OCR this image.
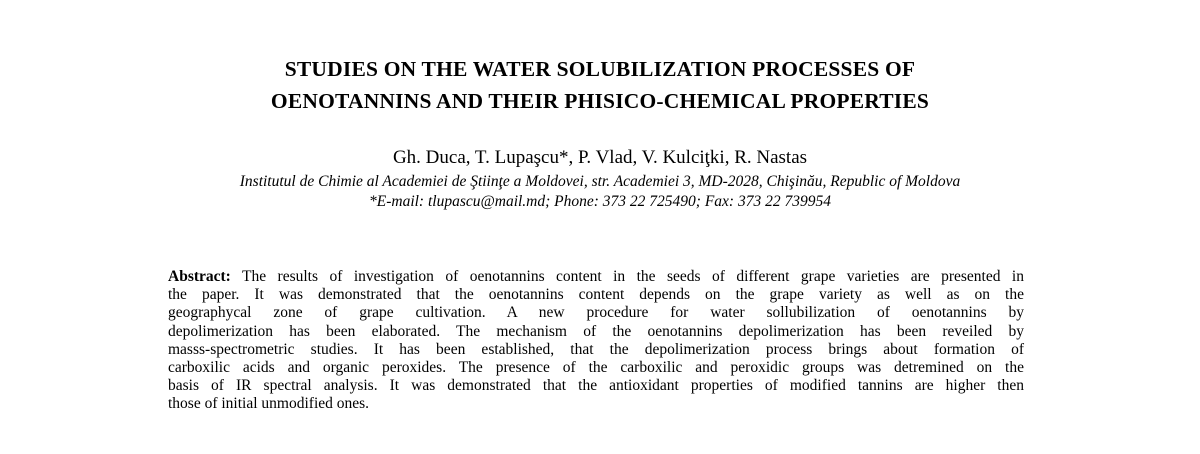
STUDIES ON THE WATER SOLUBILIZATION PROCESSES OF
OENOTANNINS AND THEIR PHISICO-CHEMICAL PROPERTIES
Gh. Duca, T. Lupaşcu*, P. Vlad, V. Kulciţki, R. Nastas
Institutul de Chimie al Academiei de Ştiinţe a Moldovei, str. Academiei 3, MD-2028, Chişinău, Republic of Moldova
*E-mail: tlupascu@mail.md; Phone: 373 22 725490; Fax: 373 22 739954
Abstract: The results of investigation of oenotannins content in the seeds of different grape varieties are presented in
the paper. It was demonstrated that the oenotannins content depends on the grape variety as well as on the
geographycal zone of grape cultivation. A new procedure for water sollubilization of oenotannins by
depolimerization has been elaborated. The mechanism of the oenotannins depolimerization has been reveiled by
masss-spectrometric studies. It has been established, that the depolimerization process brings about formation of
carboxilic acids and organic peroxides. The presence of the carboxilic and peroxidic groups was detremined on the
basis of IR spectral analysis. It was demonstrated that the antioxidant properties of modified tannins are higher then
those of initial unmodified ones.
